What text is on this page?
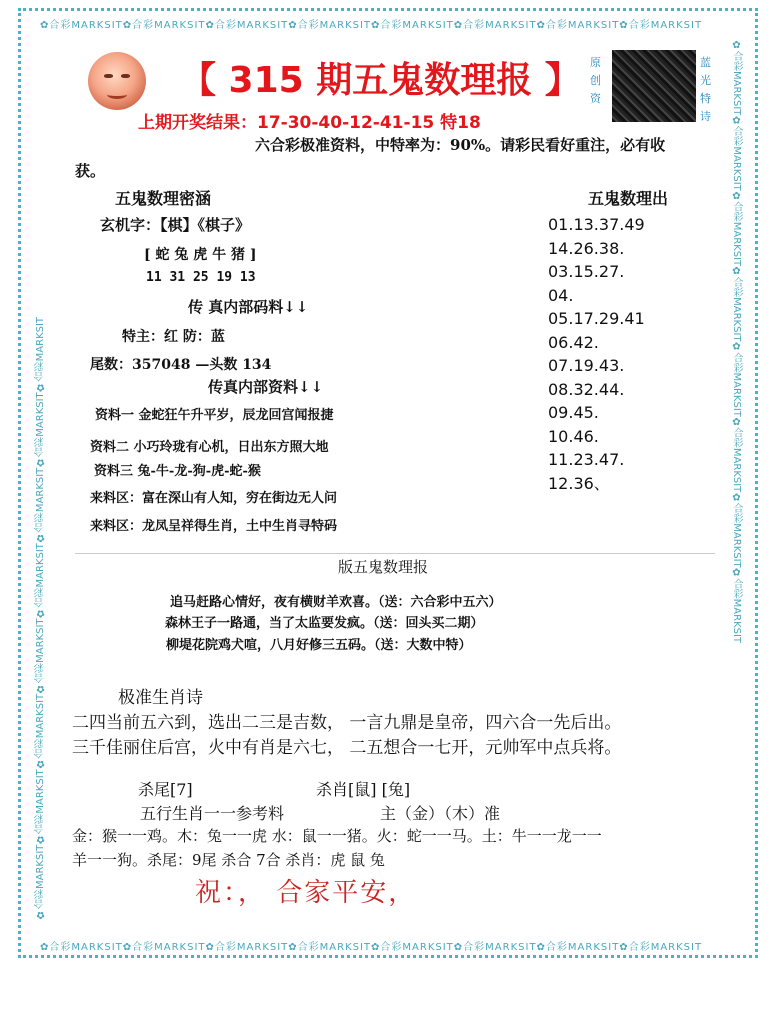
✿合彩MARKSIT✿合彩MARKSIT✿合彩MARKSIT✿合彩MARKSIT✿合彩MARKSIT✿合彩MARKSIT✿合彩MARKSIT✿合彩MARKSIT
✿合彩MARKSIT✿合彩MARKSIT✿合彩MARKSIT✿合彩MARKSIT✿合彩MARKSIT✿合彩MARKSIT✿合彩MARKSIT✿合彩MARKSIT
✿合彩MARKSIT✿合彩MARKSIT✿合彩MARKSIT✿合彩MARKSIT✿合彩MARKSIT✿合彩MARKSIT✿合彩MARKSIT✿合彩MARKSIT	✿合彩MARKSIT✿合彩MARKSIT✿合彩MARKSIT✿合彩MARKSIT✿合彩MARKSIT✿合彩MARKSIT✿合彩MARKSIT✿合彩MARKSIT
【 315 期五鬼数理报 】 原创资
蓝光特诗
上期开奖结果：17-30-40-12-41-15 特18
六合彩极准资料，中特率为：90%。请彩民看好重注，必有收
获。
五鬼数理密涵
玄机字：【棋】《棋子》
[ 蛇 兔 虎 牛 猪 ]
11 31 25 19 13
传 真内部码料↓↓
特主：红 防：蓝
尾数：357048 —头数 134
传真内部资料↓↓
资料一 金蛇狂午升平岁，辰龙回宫闻报捷
资料二 小巧玲珑有心机，日出东方照大地
资料三 兔-牛-龙-狗-虎-蛇-猴
来料区：富在深山有人知，穷在街边无人问
来料区：龙凤呈祥得生肖，土中生肖寻特码
五鬼数理出
01.13.37.49
14.26.38.
03.15.27.
04.
05.17.29.41
06.42.
07.19.43.
08.32.44.
09.45.
10.46.
11.23.47.
12.36、
版五鬼数理报
追马赶路心情好，夜有横财羊欢喜。（送：六合彩中五六）
森林王子一路通，当了太监要发疯。（送：回头买二期）
柳堤花院鸡犬喧，八月好修三五码。（送：大数中特）
极准生肖诗
二四当前五六到，选出二三是吉数， 一言九鼎是皇帝，四六合一先后出。
三千佳丽住后宫，火中有肖是六七， 二五想合一七开，元帅军中点兵将。
杀尾[7]	杀肖[鼠] [兔]
五行生肖一一参考料	主（金）（木）准
金：猴一一鸡。木：兔一一虎 水：鼠一一猪。火：蛇一一马。土：牛一一龙一一
羊一一狗。杀尾：9尾 杀合 7合 杀肖：虎 鼠 兔
祝：， 合家平安，
